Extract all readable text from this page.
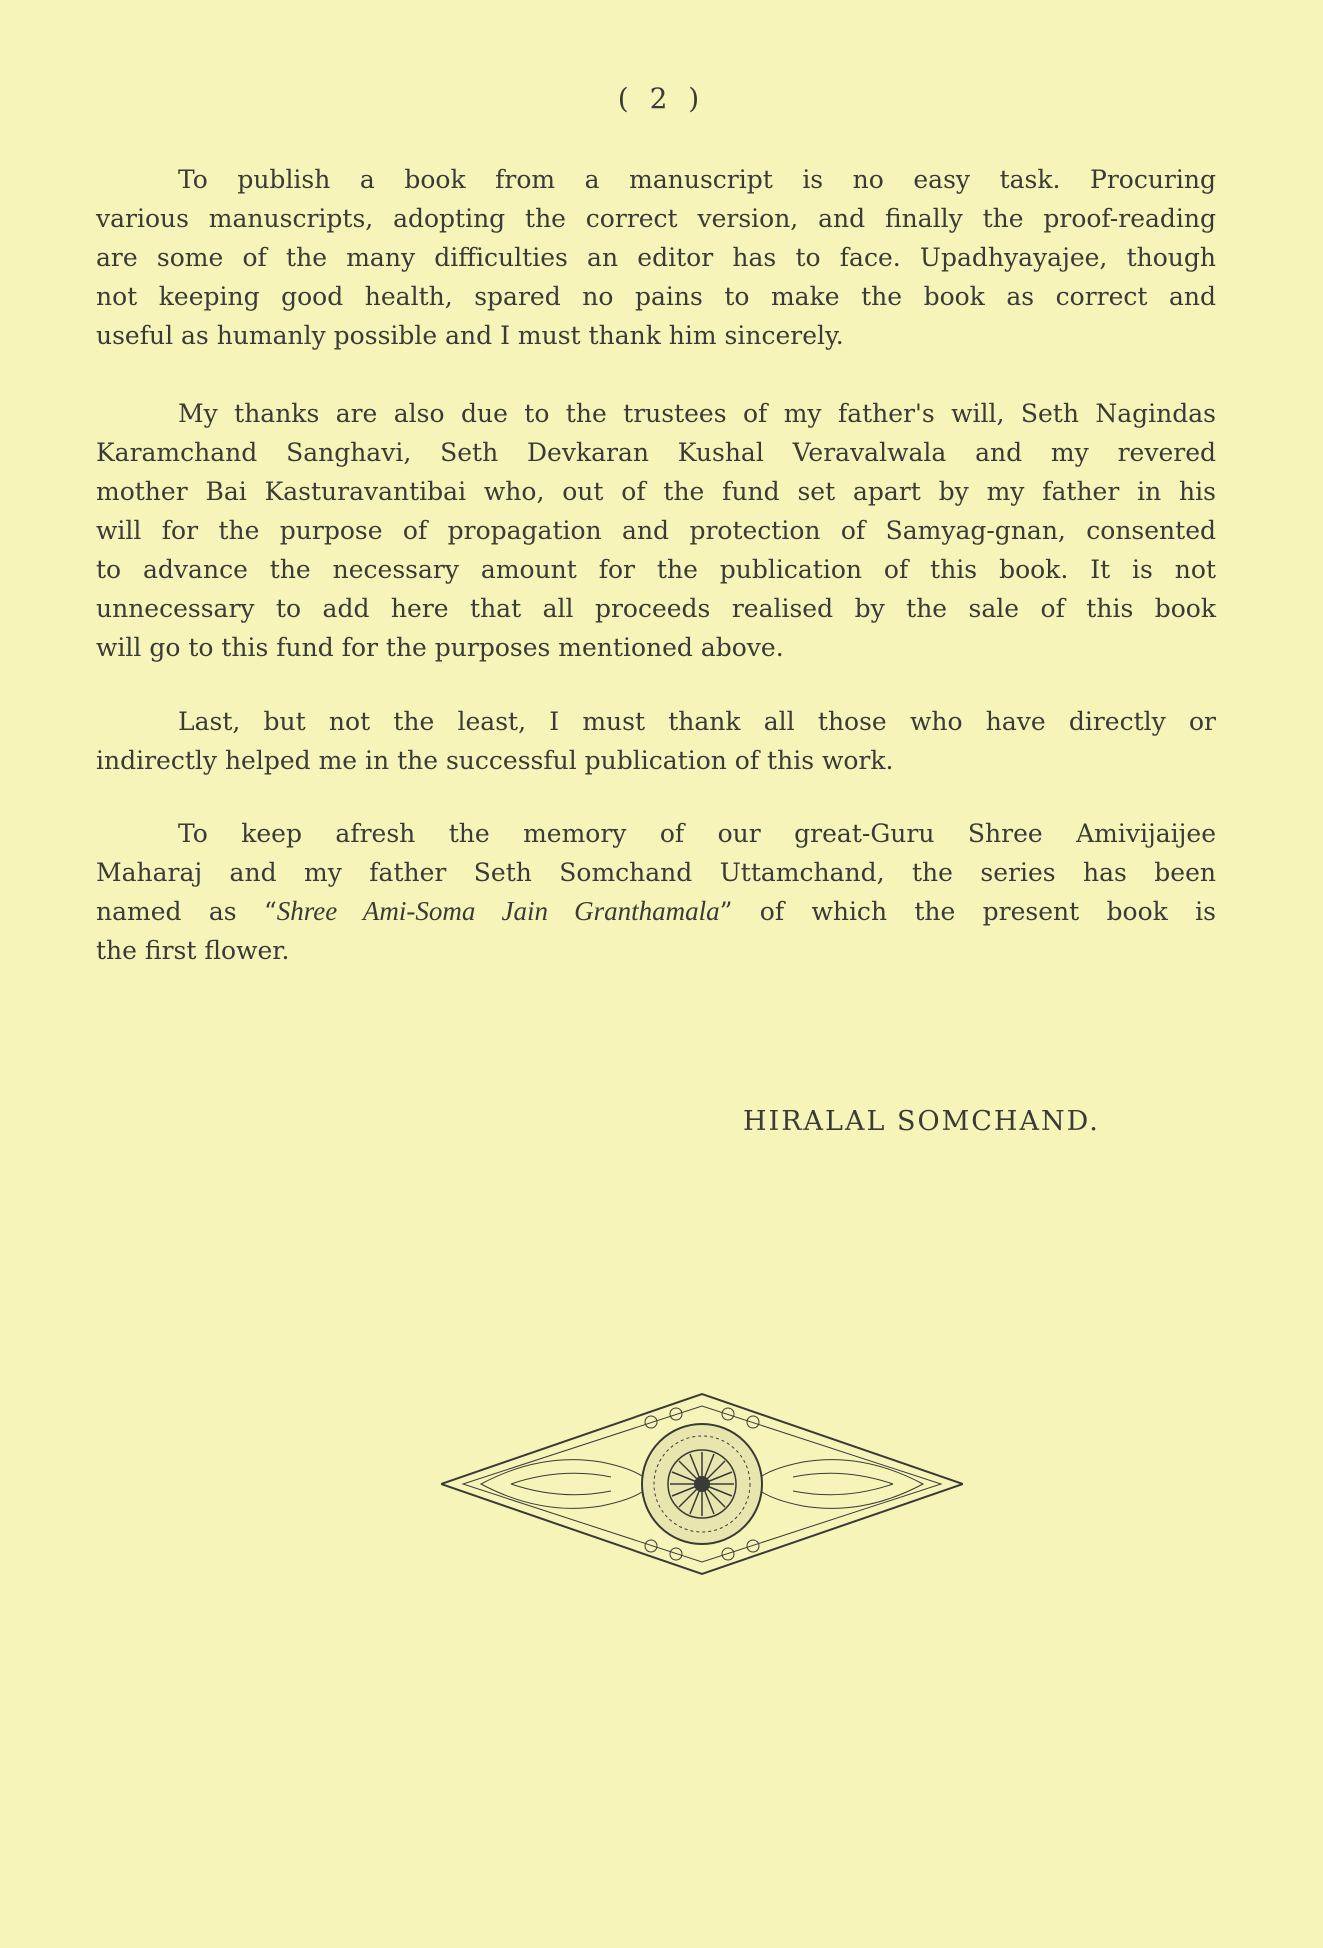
( 2 )
To publish a book from a manuscript is no easy task. Procuring
various manuscripts, adopting the correct version, and finally the proof-reading
are some of the many difficulties an editor has to face. Upadhyayajee, though
not keeping good health, spared no pains to make the book as correct and
useful as humanly possible and I must thank him sincerely.
My thanks are also due to the trustees of my father's will, Seth Nagindas
Karamchand Sanghavi, Seth Devkaran Kushal Veravalwala and my revered
mother Bai Kasturavantibai who, out of the fund set apart by my father in his
will for the purpose of propagation and protection of Samyag-gnan, consented
to advance the necessary amount for the publication of this book. It is not
unnecessary to add here that all proceeds realised by the sale of this book
will go to this fund for the purposes mentioned above.
Last, but not the least, I must thank all those who have directly or
indirectly helped me in the successful publication of this work.
To keep afresh the memory of our great-Guru Shree Amivijaijee
Maharaj and my father Seth Somchand Uttamchand, the series has been
named as “Shree Ami-Soma Jain Granthamala” of which the present book is
the first flower.
HIRALAL SOMCHAND.
